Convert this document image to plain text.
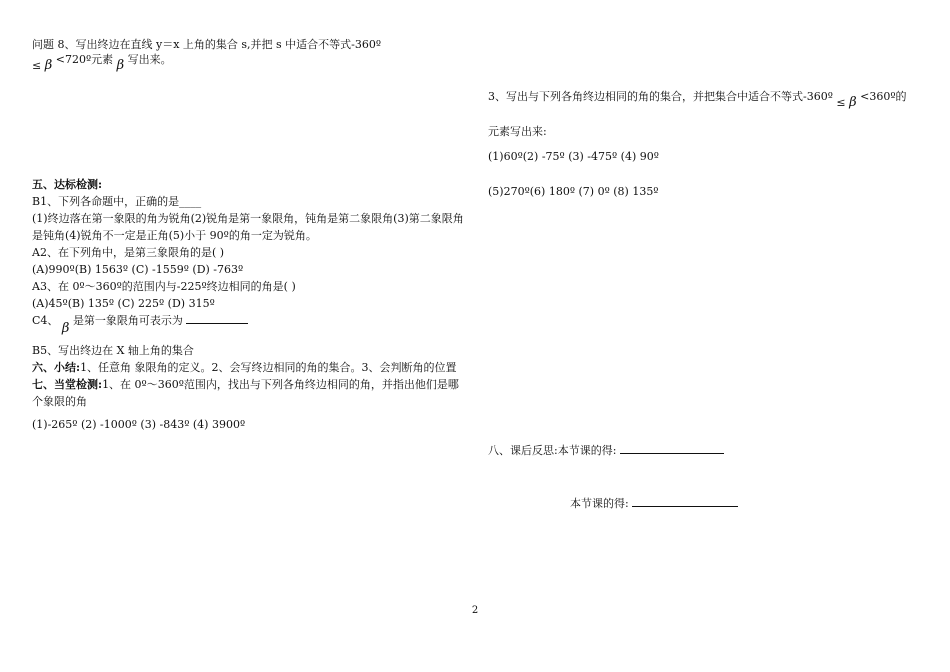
问题 8、写出终边在直线 y＝x 上角的集合 s,并把 s 中适合不等式-360º
≤ β <720º元素 β 写出来。
五、达标检测:
B1、下列各命题中，正确的是____
(1)终边落在第一象限的角为锐角(2)锐角是第一象限角，钝角是第二象限角(3)第二象限角是钝角(4)锐角不一定是正角(5)小于 90º的角一定为锐角。
A2、在下列角中，是第三象限角的是( )
(A)990º(B) 1563º (C) -1559º (D) -763º
A3、在 0º～360º的范围内与-225º终边相同的角是( )
(A)45º(B) 135º (C) 225º (D) 315º
C4、 β 是第一象限角可表示为
B5、写出终边在 X 轴上角的集合
六、小结:1、任意角 象限角的定义。2、会写终边相同的角的集合。3、会判断角的位置
七、当堂检测:1、在 0º～360º范围内，找出与下列各角终边相同的角，并指出他们是哪个象限的角
(1)-265º (2) -1000º (3) -843º (4) 3900º
3、写出与下列各角终边相同的角的集合，并把集合中适合不等式-360º ≤ β <360º的
元素写出来:
(1)60º(2) -75º (3) -475º (4) 90º
(5)270º(6) 180º (7) 0º (8) 135º
八、课后反思:本节课的得:
本节课的得:
2
